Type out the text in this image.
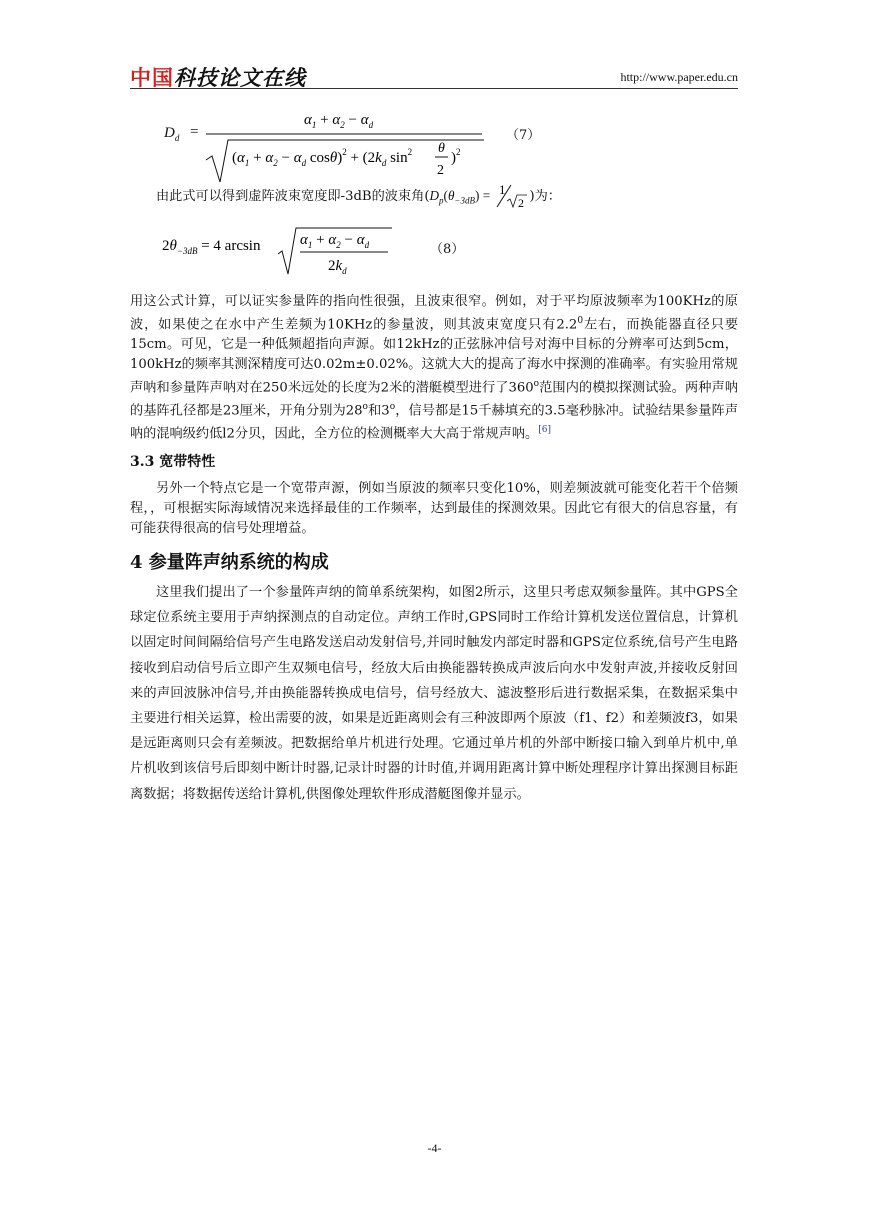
中国科技论文在线	http://www.paper.edu.cn
$D_d$ =
$\alpha_1 + \alpha_2 - \alpha_d$
($\alpha_1 + \alpha_2 - \alpha_d$ $\cos\theta)^2 + (2k_d$ $\sin^2 \theta$
2
)$^2$
（7）

由此式可以得到虚阵波束宽度即-3dB的波束角($D_p(\theta_{-3dB}) = 1$
2 )为：

$2\theta_{-3dB} = 4$ arcsin	$\alpha_1 + \alpha_2 - \alpha_d$
$2k_d$
（8）

用这公式计算，可以证实参量阵的指向性很强，且波束很窄。例如，对于平均原波频率为100KHz的原波，如果使之在水中产生差频为10KHz的参量波，则其波束宽度只有$2.2^0$左右，而换能器直径只要15cm。可见，它是一种低频超指向声源。如12kHz的正弦脉冲信号对海中目标的分辨率可达到5cm，100kHz的频率其测深精度可达0.02m±0.02%。这就大大的提高了海水中探测的准确率。有实验用常规声呐和参量阵声呐对在250米远处的长度为2米的潜艇模型进行了360$^o$范围内的模拟探测试验。两种声呐的基阵孔径都是23厘米，开角分别为28$^o$和3$^o$，信号都是15千赫填充的3.5毫秒脉冲。试验结果参量阵声呐的混响级约低l2分贝，因此，全方位的检测概率大大高于常规声呐。[6]

3.3 宽带特性

另外一个特点它是一个宽带声源，例如当原波的频率只变化10%，则差频波就可能变化若干个倍频程，，可根据实际海域情况来选择最佳的工作频率，达到最佳的探测效果。因此它有很大的信息容量，有可能获得很高的信号处理增益。

4 参量阵声纳系统的构成

这里我们提出了一个参量阵声纳的简单系统架构，如图2所示，这里只考虑双频参量阵。其中GPS全球定位系统主要用于声纳探测点的自动定位。声纳工作时,GPS同时工作给计算机发送位置信息，计算机以固定时间间隔给信号产生电路发送启动发射信号,并同时触发内部定时器和GPS定位系统,信号产生电路接收到启动信号后立即产生双频电信号，经放大后由换能器转换成声波后向水中发射声波,并接收反射回来的声回波脉冲信号,并由换能器转换成电信号，信号经放大、滤波整形后进行数据采集，在数据采集中主要进行相关运算，检出需要的波，如果是近距离则会有三种波即两个原波（f1、f2）和差频波f3，如果是远距离则只会有差频波。把数据给单片机进行处理。它通过单片机的外部中断接口输入到单片机中,单片机收到该信号后即刻中断计时器,记录计时器的计时值,并调用距离计算中断处理程序计算出探测目标距离数据；将数据传送给计算机,供图像处理软件形成潜艇图像并显示。

-4-
